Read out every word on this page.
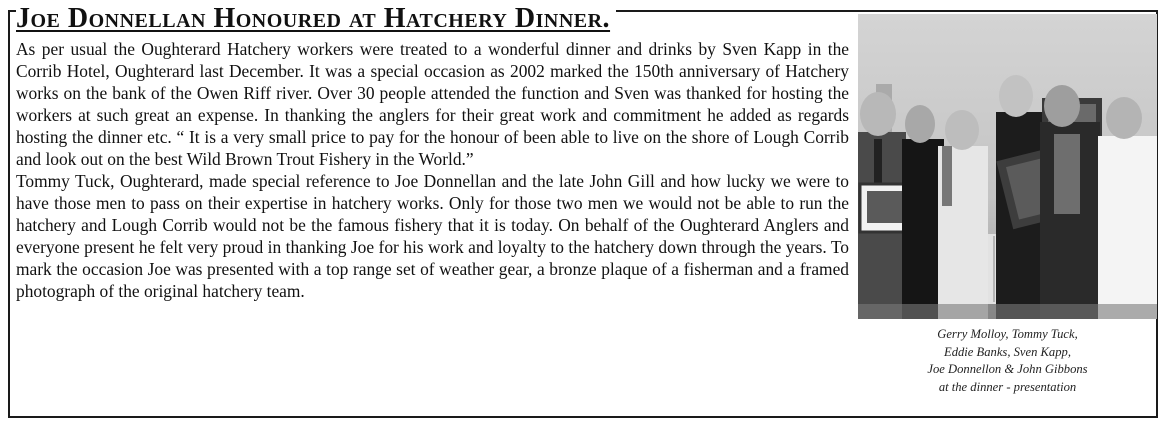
Joe Donnellan Honoured at Hatchery Dinner.

As per usual the Oughterard Hatchery workers were treated to a wonderful dinner and drinks by Sven Kapp in the Corrib Hotel, Oughterard last December. It was a special occasion as 2002 marked the 150th anniversary of Hatchery works on the bank of the Owen Riff river. Over 30 people attended the function and Sven was thanked for hosting the workers at such great an expense. In thanking the anglers for their great work and commitment he added as regards hosting the dinner etc. “ It is a very small price to pay for the honour of been able to live on the shore of Lough Corrib and look out on the best Wild Brown Trout Fishery in the World.”

Tommy Tuck, Oughterard, made special reference to Joe Donnellan and the late John Gill and how lucky we were to have those men to pass on their expertise in hatchery works. Only for those two men we would not be able to run the hatchery and Lough Corrib would not be the famous fishery that it is today. On behalf of the Oughterard Anglers and everyone present he felt very proud in thanking Joe for his work and loyalty to the hatchery down through the years. To mark the occasion Joe was presented with a top range set of weather gear, a bronze plaque of a fisherman and a framed photograph of the original hatchery team.

Gerry Molloy, Tommy Tuck,
Eddie Banks, Sven Kapp,
Joe Donnellon & John Gibbons
at the dinner - presentation
